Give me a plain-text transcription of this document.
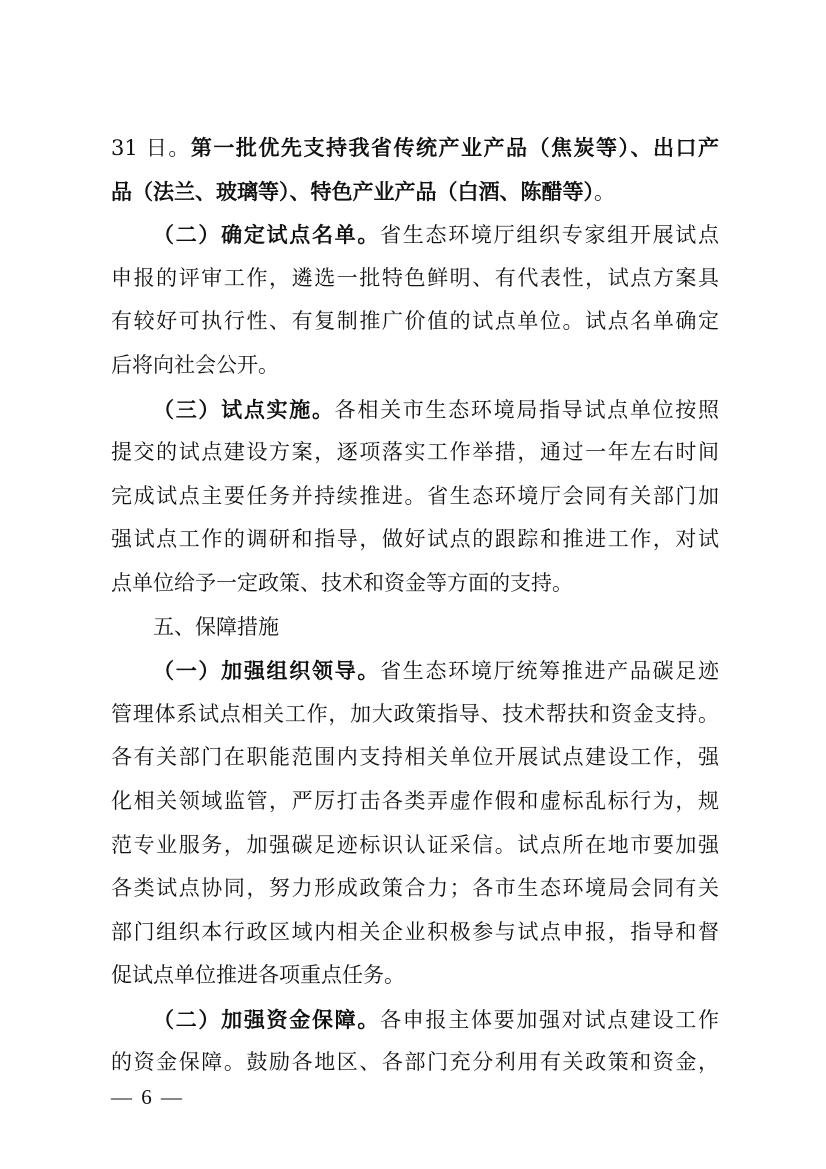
31 日。第一批优先支持我省传统产业产品（焦炭等）、出口产
品（法兰、玻璃等）、特色产业产品（白酒、陈醋等）。
（二）确定试点名单。省生态环境厅组织专家组开展试点
申报的评审工作，遴选一批特色鲜明、有代表性，试点方案具
有较好可执行性、有复制推广价值的试点单位。试点名单确定
后将向社会公开。
（三）试点实施。各相关市生态环境局指导试点单位按照
提交的试点建设方案，逐项落实工作举措，通过一年左右时间
完成试点主要任务并持续推进。省生态环境厅会同有关部门加
强试点工作的调研和指导，做好试点的跟踪和推进工作，对试
点单位给予一定政策、技术和资金等方面的支持。
五、保障措施
（一）加强组织领导。省生态环境厅统筹推进产品碳足迹
管理体系试点相关工作，加大政策指导、技术帮扶和资金支持。
各有关部门在职能范围内支持相关单位开展试点建设工作，强
化相关领域监管，严厉打击各类弄虚作假和虚标乱标行为，规
范专业服务，加强碳足迹标识认证采信。试点所在地市要加强
各类试点协同，努力形成政策合力；各市生态环境局会同有关
部门组织本行政区域内相关企业积极参与试点申报，指导和督
促试点单位推进各项重点任务。
（二）加强资金保障。各申报主体要加强对试点建设工作
的资金保障。鼓励各地区、各部门充分利用有关政策和资金，
— 6 —
